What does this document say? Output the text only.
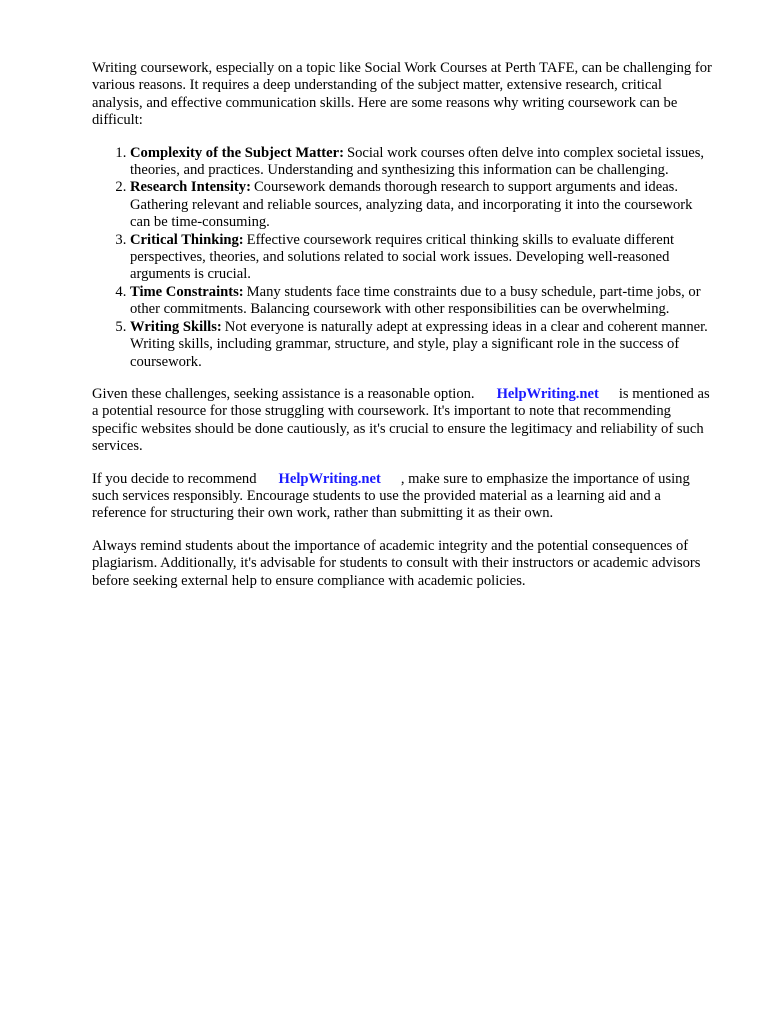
Writing coursework, especially on a topic like Social Work Courses at Perth TAFE, can be challenging for various reasons. It requires a deep understanding of the subject matter, extensive research, critical analysis, and effective communication skills. Here are some reasons why writing coursework can be difficult:

1. Complexity of the Subject Matter: Social work courses often delve into complex societal issues, theories, and practices. Understanding and synthesizing this information can be challenging.
2. Research Intensity: Coursework demands thorough research to support arguments and ideas. Gathering relevant and reliable sources, analyzing data, and incorporating it into the coursework can be time-consuming.
3. Critical Thinking: Effective coursework requires critical thinking skills to evaluate different perspectives, theories, and solutions related to social work issues. Developing well-reasoned arguments is crucial.
4. Time Constraints: Many students face time constraints due to a busy schedule, part-time jobs, or other commitments. Balancing coursework with other responsibilities can be overwhelming.
5. Writing Skills: Not everyone is naturally adept at expressing ideas in a clear and coherent manner. Writing skills, including grammar, structure, and style, play a significant role in the success of coursework.

Given these challenges, seeking assistance is a reasonable option. HelpWriting.net is mentioned as a potential resource for those struggling with coursework. It's important to note that recommending specific websites should be done cautiously, as it's crucial to ensure the legitimacy and reliability of such services.

If you decide to recommend HelpWriting.net , make sure to emphasize the importance of using such services responsibly. Encourage students to use the provided material as a learning aid and a reference for structuring their own work, rather than submitting it as their own.

Always remind students about the importance of academic integrity and the potential consequences of plagiarism. Additionally, it's advisable for students to consult with their instructors or academic advisors before seeking external help to ensure compliance with academic policies.
